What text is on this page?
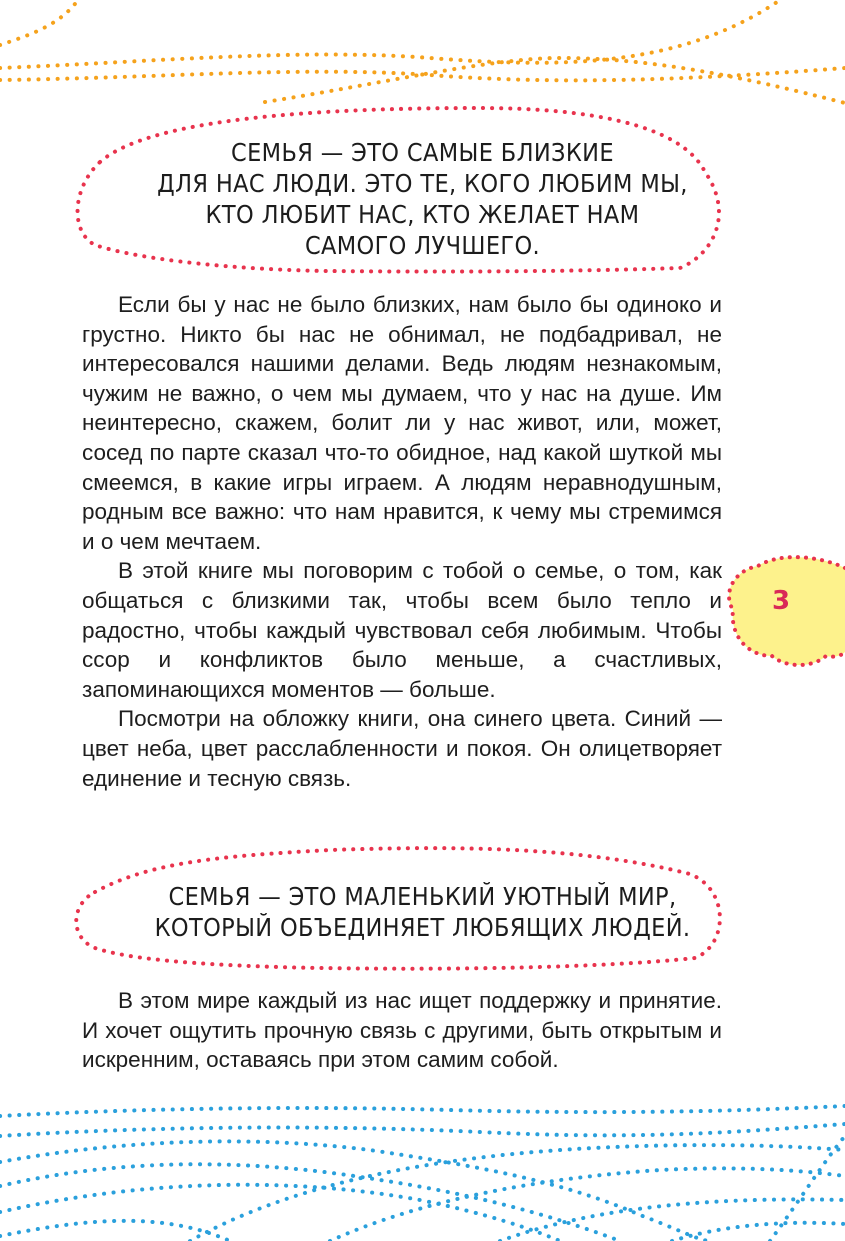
СЕМЬЯ — ЭТО САМЫЕ БЛИЗКИЕ
ДЛЯ НАС ЛЮДИ. ЭТО ТЕ, КОГО ЛЮБИМ МЫ,
КТО ЛЮБИТ НАС, КТО ЖЕЛАЕТ НАМ
САМОГО ЛУЧШЕГО.

Если бы у нас не было близких, нам было бы одиноко и грустно. Никто бы нас не обнимал, не подбадривал, не интересовался нашими делами. Ведь людям незнакомым, чужим не важно, о чем мы думаем, что у нас на душе. Им неинтересно, скажем, болит ли у нас живот, или, может, сосед по парте сказал что-то обидное, над какой шуткой мы смеемся, в какие игры играем. А людям неравнодушным, родным все важно: что нам нравится, к чему мы стремимся и о чем мечтаем.

В этой книге мы поговорим с тобой о семье, о том, как общаться с близкими так, чтобы всем было тепло и радостно, чтобы каждый чувствовал себя любимым. Чтобы ссор и конфликтов было меньше, а счастливых, запоминающихся моментов — больше.

Посмотри на обложку книги, она синего цвета. Синий — цвет неба, цвет расслабленности и покоя. Он олицетворяет единение и тесную связь.

СЕМЬЯ — ЭТО МАЛЕНЬКИЙ УЮТНЫЙ МИР,
КОТОРЫЙ ОБЪЕДИНЯЕТ ЛЮБЯЩИХ ЛЮДЕЙ.

В этом мире каждый из нас ищет поддержку и принятие. И хочет ощутить прочную связь с другими, быть открытым и искренним, оставаясь при этом самим собой.

3
